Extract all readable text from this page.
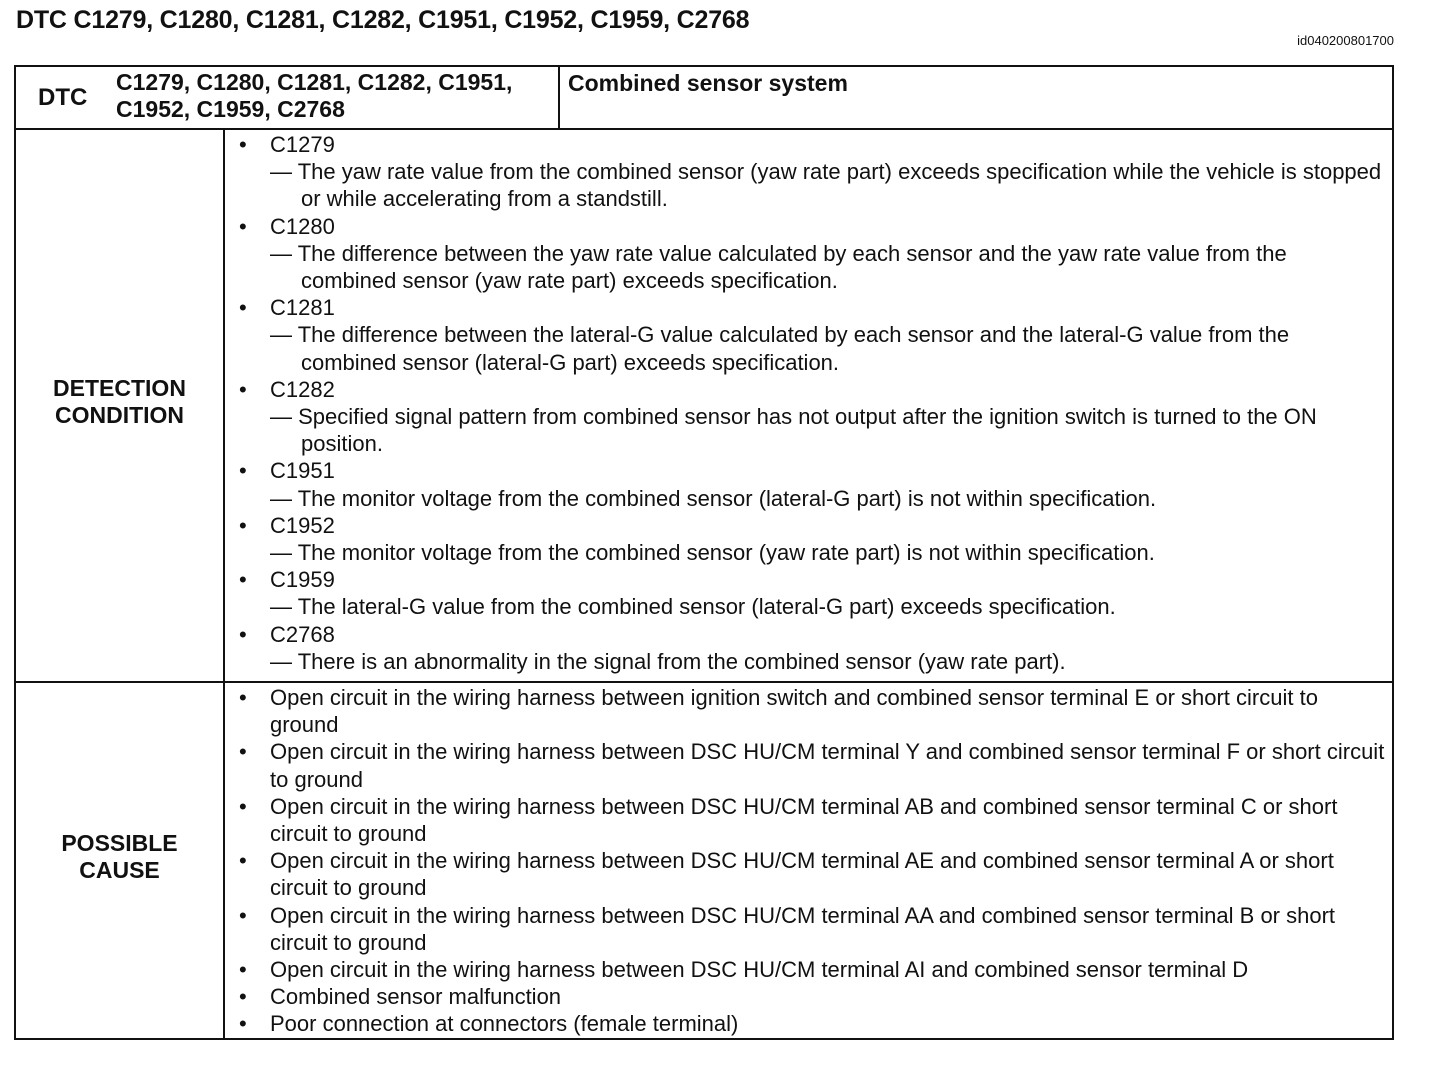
DTC C1279, C1280, C1281, C1282, C1951, C1952, C1959, C2768
id040200801700
DTC
C1279, C1280, C1281, C1282, C1951,
C1952, C1959, C2768
Combined sensor system
DETECTION
CONDITION
• C1279
— The yaw rate value from the combined sensor (yaw rate part) exceeds specification while the vehicle is stopped or while accelerating from a standstill.
• C1280
— The difference between the yaw rate value calculated by each sensor and the yaw rate value from the combined sensor (yaw rate part) exceeds specification.
• C1281
— The difference between the lateral-G value calculated by each sensor and the lateral-G value from the combined sensor (lateral-G part) exceeds specification.
• C1282
— Specified signal pattern from combined sensor has not output after the ignition switch is turned to the ON position.
• C1951
— The monitor voltage from the combined sensor (lateral-G part) is not within specification.
• C1952
— The monitor voltage from the combined sensor (yaw rate part) is not within specification.
• C1959
— The lateral-G value from the combined sensor (lateral-G part) exceeds specification.
• C2768
— There is an abnormality in the signal from the combined sensor (yaw rate part).
POSSIBLE
CAUSE
• Open circuit in the wiring harness between ignition switch and combined sensor terminal E or short circuit to ground
• Open circuit in the wiring harness between DSC HU/CM terminal Y and combined sensor terminal F or short circuit to ground
• Open circuit in the wiring harness between DSC HU/CM terminal AB and combined sensor terminal C or short circuit to ground
• Open circuit in the wiring harness between DSC HU/CM terminal AE and combined sensor terminal A or short circuit to ground
• Open circuit in the wiring harness between DSC HU/CM terminal AA and combined sensor terminal B or short circuit to ground
• Open circuit in the wiring harness between DSC HU/CM terminal AI and combined sensor terminal D
• Combined sensor malfunction
• Poor connection at connectors (female terminal)
